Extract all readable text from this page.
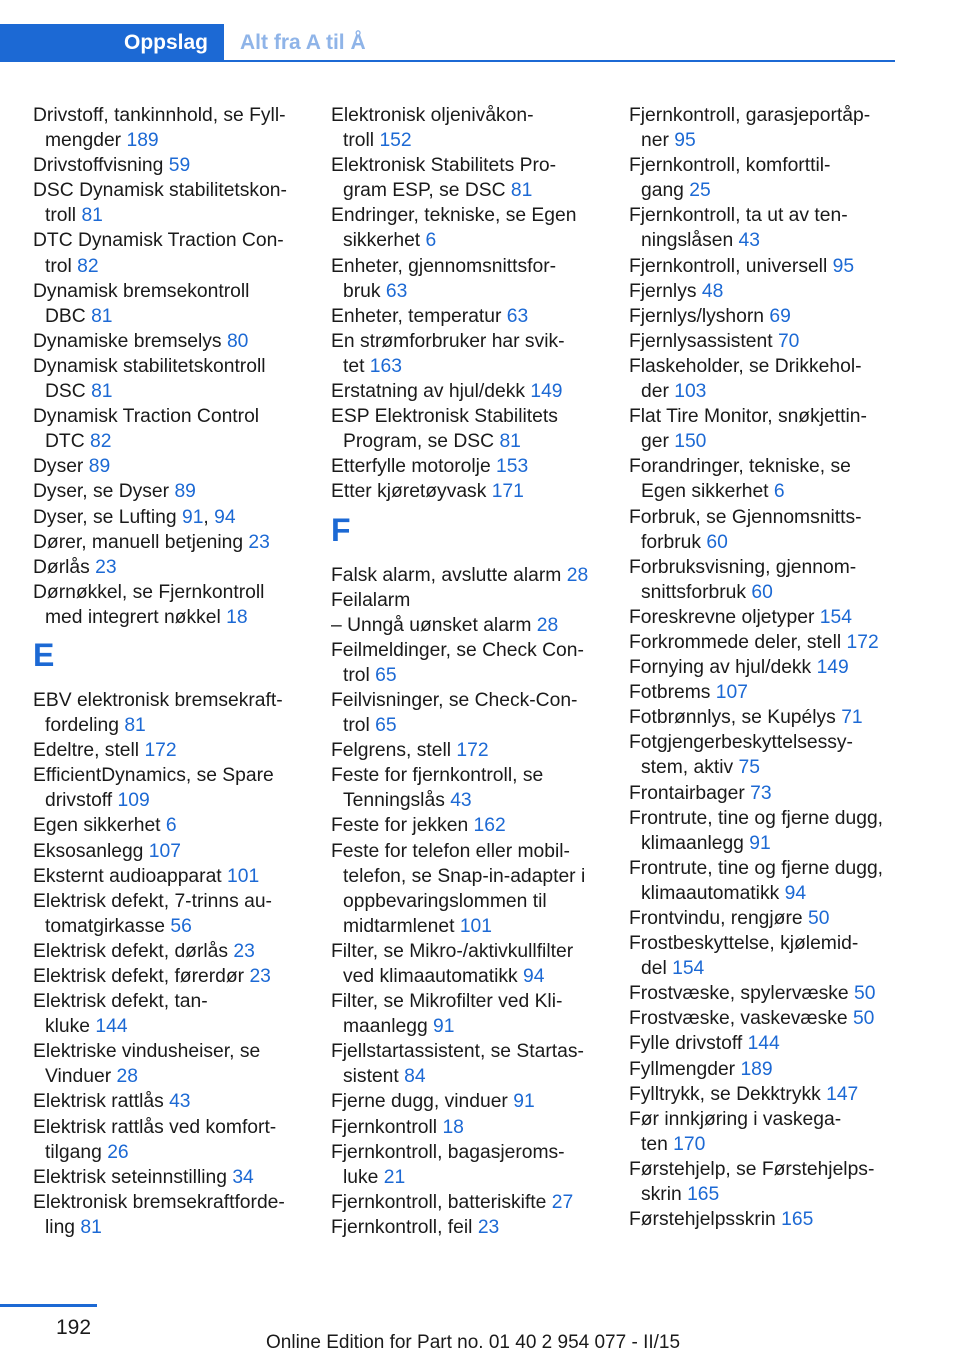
Oppslag	Alt fra A til Å
Drivstoff, tankinnhold, se Fyll-
mengder 189
Drivstoffvisning 59
DSC Dynamisk stabilitetskon-
troll 81
DTC Dynamisk Traction Con-
trol 82
Dynamisk bremsekontroll
DBC 81
Dynamiske bremselys 80
Dynamisk stabilitetskontroll
DSC 81
Dynamisk Traction Control
DTC 82
Dyser 89
Dyser, se Dyser 89
Dyser, se Lufting 91, 94
Dører, manuell betjening 23
Dørlås 23
Dørnøkkel, se Fjernkontroll
med integrert nøkkel 18
E
EBV elektronisk bremsekraft-
fordeling 81
Edeltre, stell 172
EfficientDynamics, se Spare
drivstoff 109
Egen sikkerhet 6
Eksosanlegg 107
Eksternt audioapparat 101
Elektrisk defekt, 7-trinns au-
tomatgirkasse 56
Elektrisk defekt, dørlås 23
Elektrisk defekt, førerdør 23
Elektrisk defekt, tan-
kluke 144
Elektriske vindusheiser, se
Vinduer 28
Elektrisk rattlås 43
Elektrisk rattlås ved komfort-
tilgang 26
Elektrisk seteinnstilling 34
Elektronisk bremsekraftforde-
ling 81
Elektronisk oljenivåkon-
troll 152
Elektronisk Stabilitets Pro-
gram ESP, se DSC 81
Endringer, tekniske, se Egen
sikkerhet 6
Enheter, gjennomsnittsfor-
bruk 63
Enheter, temperatur 63
En strømforbruker har svik-
tet 163
Erstatning av hjul/dekk 149
ESP Elektronisk Stabilitets
Program, se DSC 81
Etterfylle motorolje 153
Etter kjøretøyvask 171
F
Falsk alarm, avslutte alarm 28
Feilalarm
– Unngå uønsket alarm 28
Feilmeldinger, se Check Con-
trol 65
Feilvisninger, se Check-Con-
trol 65
Felgrens, stell 172
Feste for fjernkontroll, se
Tenningslås 43
Feste for jekken 162
Feste for telefon eller mobil-
telefon, se Snap-in-adapter i
oppbevaringslommen til
midtarmlenet 101
Filter, se Mikro-/aktivkullfilter
ved klimaautomatikk 94
Filter, se Mikrofilter ved Kli-
maanlegg 91
Fjellstartassistent, se Startas-
sistent 84
Fjerne dugg, vinduer 91
Fjernkontroll 18
Fjernkontroll, bagasjeroms-
luke 21
Fjernkontroll, batteriskifte 27
Fjernkontroll, feil 23
Fjernkontroll, garasjeportåp-
ner 95
Fjernkontroll, komforttil-
gang 25
Fjernkontroll, ta ut av ten-
ningslåsen 43
Fjernkontroll, universell 95
Fjernlys 48
Fjernlys/lyshorn 69
Fjernlysassistent 70
Flaskeholder, se Drikkehol-
der 103
Flat Tire Monitor, snøkjettin-
ger 150
Forandringer, tekniske, se
Egen sikkerhet 6
Forbruk, se Gjennomsnitts-
forbruk 60
Forbruksvisning, gjennom-
snittsforbruk 60
Foreskrevne oljetyper 154
Forkrommede deler, stell 172
Fornying av hjul/dekk 149
Fotbrems 107
Fotbrønnlys, se Kupélys 71
Fotgjengerbeskyttelsessy-
stem, aktiv 75
Frontairbager 73
Frontrute, tine og fjerne dugg,
klimaanlegg 91
Frontrute, tine og fjerne dugg,
klimaautomatikk 94
Frontvindu, rengjøre 50
Frostbeskyttelse, kjølemid-
del 154
Frostvæske, spylervæske 50
Frostvæske, vaskevæske 50
Fylle drivstoff 144
Fyllmengder 189
Fylltrykk, se Dekktrykk 147
Før innkjøring i vaskega-
ten 170
Førstehjelp, se Førstehjelps-
skrin 165
Førstehjelpsskrin 165
192
Online Edition for Part no. 01 40 2 954 077 - II/15
